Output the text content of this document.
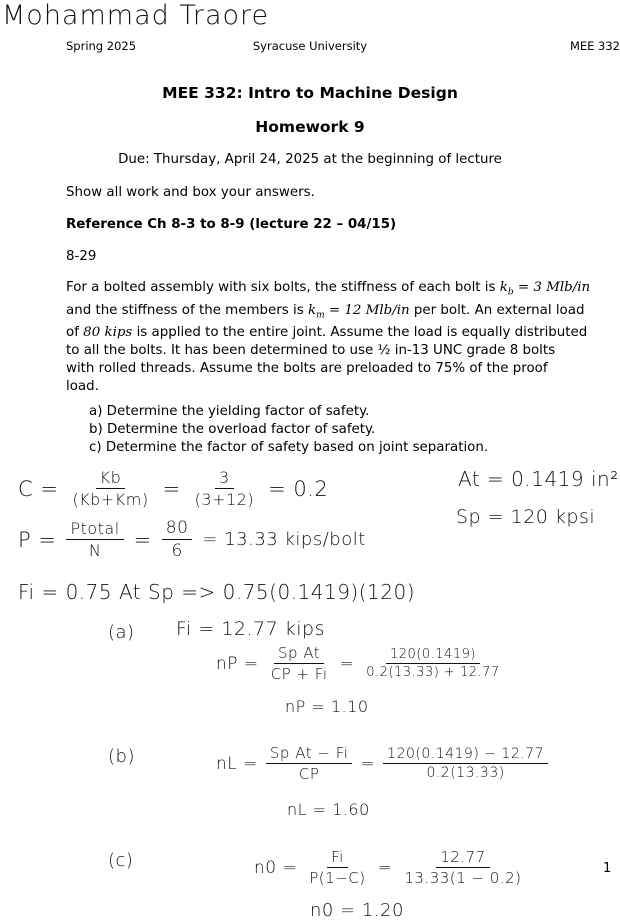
Mohammad Traore
Spring 2025	Syracuse University	MEE 332
MEE 332: Intro to Machine Design
Homework 9
Due: Thursday, April 24, 2025 at the beginning of lecture
Show all work and box your answers.
Reference Ch 8-3 to 8-9 (lecture 22 – 04/15)
8-29
For a bolted assembly with six bolts, the stiffness of each bolt is $k_b = 3$ Mlb/in
and the stiffness of the members is $k_m = 12$ Mlb/in per bolt. An external load
of 80 kips is applied to the entire joint. Assume the load is equally distributed
to all the bolts. It has been determined to use ½ in-13 UNC grade 8 bolts
with rolled threads. Assume the bolts are preloaded to 75% of the proof
load.
a) Determine the yielding factor of safety.
b) Determine the overload factor of safety.
c) Determine the factor of safety based on joint separation.
$C = \frac{Kb}{(Kb+Km)} = \frac{3}{(3+12)} = 0.2$	At = 0.1419 in²
Sp = 120 kpsi
$P = \frac{\text{Ptotal}}{N} = \frac{80}{6} = 13.33$ kips/bolt
Fi = 0.75 At Sp => 0.75(0.1419)(120)
(a) Fi = 12.77 kips
nP = $\frac{\text{Sp At}}{CP + Fi} = \frac{120(0.1419)}{0.2(13.33) + 12.77}$
nP = 1.10
(b)	nL = $\frac{\text{Sp At − Fi}}{CP} = \frac{120(0.1419) - 12.77}{0.2(13.33)}$
nL = 1.60
(c)	$n0 = \frac{Fi}{P(1-C)} = \frac{12.77}{13.33(1 - 0.2)}$
n0 = 1.20
1
